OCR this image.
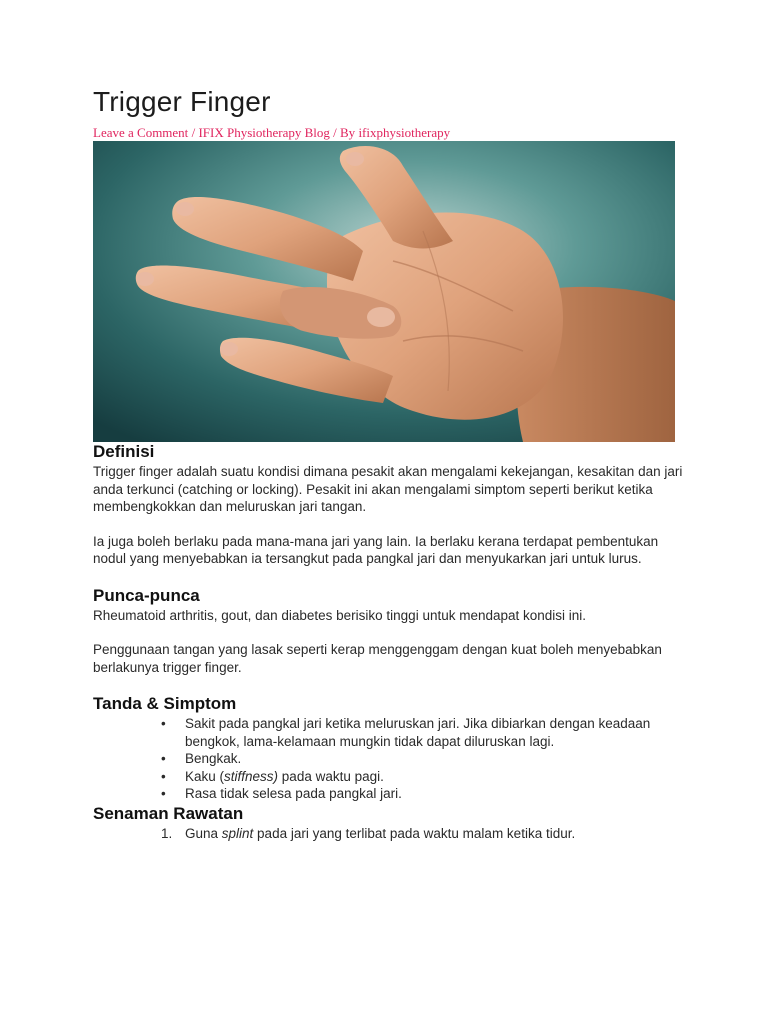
Trigger Finger
Leave a Comment / IFIX Physiotherapy Blog / By ifixphysiotherapy
Definisi

Trigger finger adalah suatu kondisi dimana pesakit akan mengalami kekejangan, kesakitan dan jari anda terkunci (catching or locking). Pesakit ini akan mengalami simptom seperti berikut ketika membengkokkan dan meluruskan jari tangan.

Ia juga boleh berlaku pada mana-mana jari yang lain. Ia berlaku kerana terdapat pembentukan nodul yang menyebabkan ia tersangkut pada pangkal jari dan menyukarkan jari untuk lurus.

Punca-punca

Rheumatoid arthritis, gout, dan diabetes berisiko tinggi untuk mendapat kondisi ini.

Penggunaan tangan yang lasak seperti kerap menggenggam dengan kuat boleh menyebabkan berlakunya trigger finger.

Tanda & Simptom
•	Sakit pada pangkal jari ketika meluruskan jari. Jika dibiarkan dengan keadaan bengkok, lama-kelamaan mungkin tidak dapat diluruskan lagi.
•	Bengkak.
•	Kaku (stiffness) pada waktu pagi.
•	Rasa tidak selesa pada pangkal jari.
Senaman Rawatan
1. Guna splint pada jari yang terlibat pada waktu malam ketika tidur.
